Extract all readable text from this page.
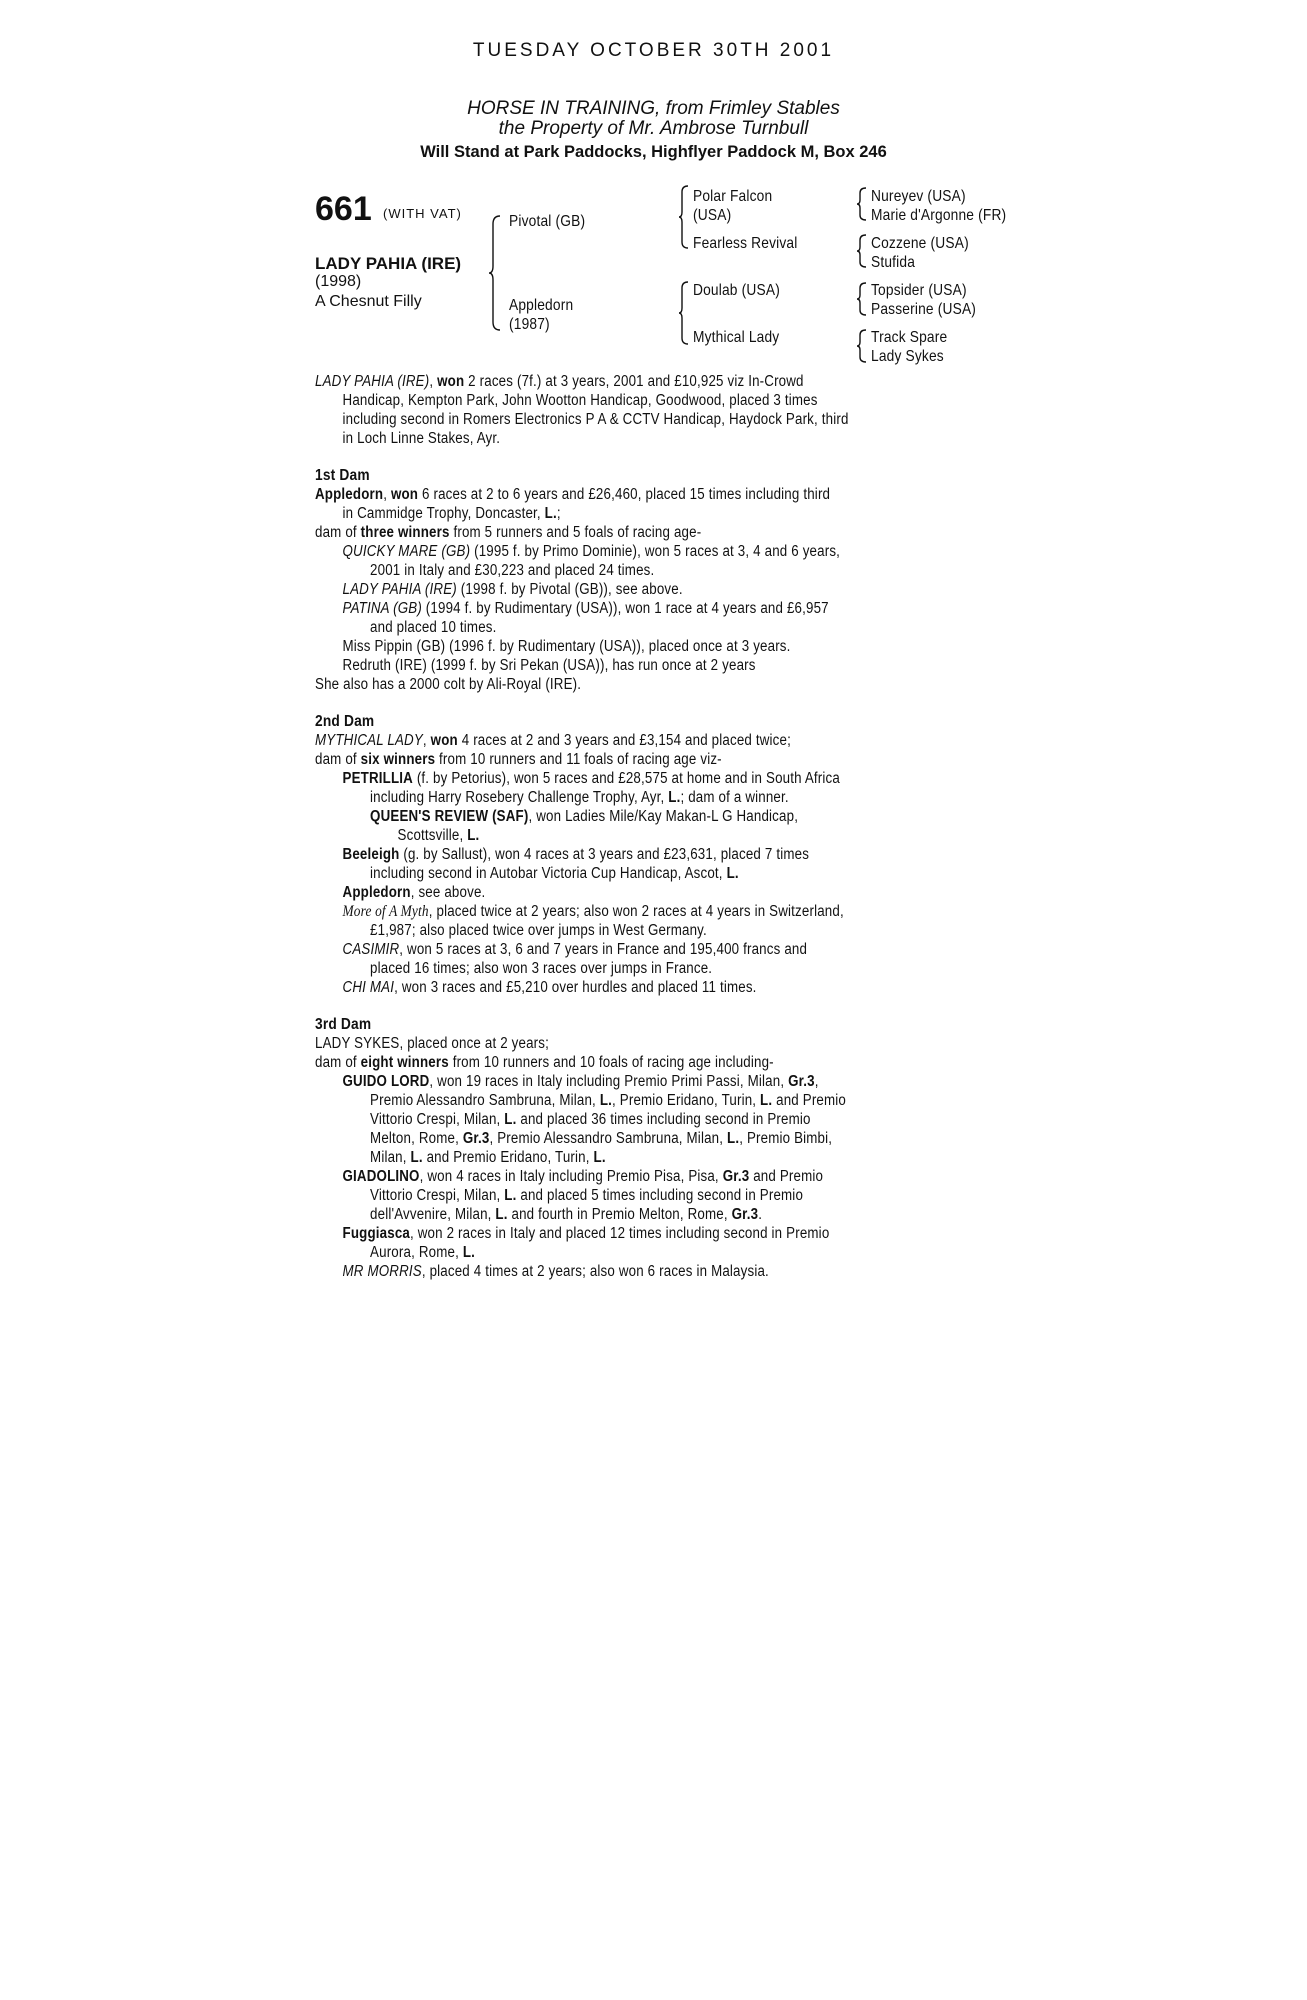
TUESDAY OCTOBER 30TH 2001
HORSE IN TRAINING, from Frimley Stables
the Property of Mr. Ambrose Turnbull
Will Stand at Park Paddocks, Highflyer Paddock M, Box 246
661 (WITH VAT)
LADY PAHIA (IRE)
(1998)
A Chesnut Filly
Pivotal (GB)
Appledorn
(1987)
Polar Falcon
(USA)
Fearless Revival
Doulab (USA)
Mythical Lady
Nureyev (USA)
Marie d'Argonne (FR)
Cozzene (USA)
Stufida
Topsider (USA)
Passerine (USA)
Track Spare
Lady Sykes
LADY PAHIA (IRE), won 2 races (7f.) at 3 years, 2001 and £10,925 viz In-Crowd
Handicap, Kempton Park, John Wootton Handicap, Goodwood, placed 3 times
including second in Romers Electronics P A & CCTV Handicap, Haydock Park, third
in Loch Linne Stakes, Ayr.
1st Dam
Appledorn, won 6 races at 2 to 6 years and £26,460, placed 15 times including third
in Cammidge Trophy, Doncaster, L.;
dam of three winners from 5 runners and 5 foals of racing age-
QUICKY MARE (GB) (1995 f. by Primo Dominie), won 5 races at 3, 4 and 6 years,
2001 in Italy and £30,223 and placed 24 times.
LADY PAHIA (IRE) (1998 f. by Pivotal (GB)), see above.
PATINA (GB) (1994 f. by Rudimentary (USA)), won 1 race at 4 years and £6,957
and placed 10 times.
Miss Pippin (GB) (1996 f. by Rudimentary (USA)), placed once at 3 years.
Redruth (IRE) (1999 f. by Sri Pekan (USA)), has run once at 2 years
She also has a 2000 colt by Ali-Royal (IRE).
2nd Dam
MYTHICAL LADY, won 4 races at 2 and 3 years and £3,154 and placed twice;
dam of six winners from 10 runners and 11 foals of racing age viz-
PETRILLIA (f. by Petorius), won 5 races and £28,575 at home and in South Africa
including Harry Rosebery Challenge Trophy, Ayr, L.; dam of a winner.
QUEEN'S REVIEW (SAF), won Ladies Mile/Kay Makan-L G Handicap,
Scottsville, L.
Beeleigh (g. by Sallust), won 4 races at 3 years and £23,631, placed 7 times
including second in Autobar Victoria Cup Handicap, Ascot, L.
Appledorn, see above.
More of A Myth, placed twice at 2 years; also won 2 races at 4 years in Switzerland,
£1,987; also placed twice over jumps in West Germany.
CASIMIR, won 5 races at 3, 6 and 7 years in France and 195,400 francs and
placed 16 times; also won 3 races over jumps in France.
CHI MAI, won 3 races and £5,210 over hurdles and placed 11 times.
3rd Dam
LADY SYKES, placed once at 2 years;
dam of eight winners from 10 runners and 10 foals of racing age including-
GUIDO LORD, won 19 races in Italy including Premio Primi Passi, Milan, Gr.3,
Premio Alessandro Sambruna, Milan, L., Premio Eridano, Turin, L. and Premio
Vittorio Crespi, Milan, L. and placed 36 times including second in Premio
Melton, Rome, Gr.3, Premio Alessandro Sambruna, Milan, L., Premio Bimbi,
Milan, L. and Premio Eridano, Turin, L.
GIADOLINO, won 4 races in Italy including Premio Pisa, Pisa, Gr.3 and Premio
Vittorio Crespi, Milan, L. and placed 5 times including second in Premio
dell'Avvenire, Milan, L. and fourth in Premio Melton, Rome, Gr.3.
Fuggiasca, won 2 races in Italy and placed 12 times including second in Premio
Aurora, Rome, L.
MR MORRIS, placed 4 times at 2 years; also won 6 races in Malaysia.
